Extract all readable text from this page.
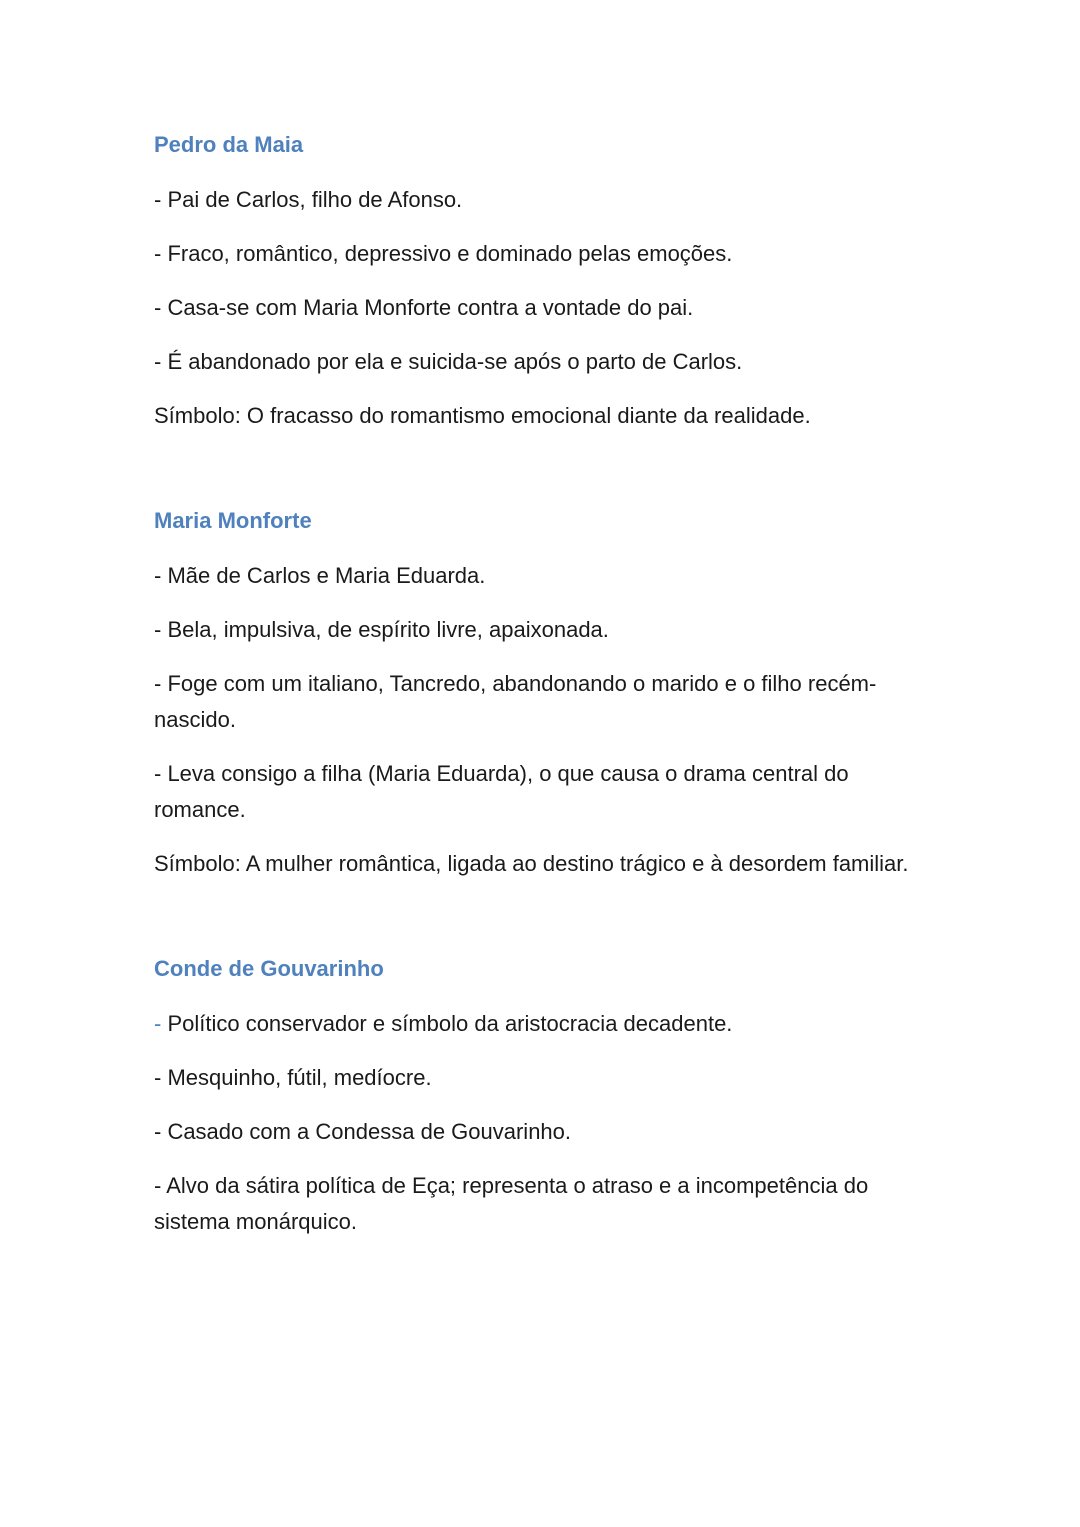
Pedro da Maia
- Pai de Carlos, filho de Afonso.
- Fraco, romântico, depressivo e dominado pelas emoções.
- Casa-se com Maria Monforte contra a vontade do pai.
- É abandonado por ela e suicida-se após o parto de Carlos.
Símbolo: O fracasso do romantismo emocional diante da realidade.
Maria Monforte
- Mãe de Carlos e Maria Eduarda.
- Bela, impulsiva, de espírito livre, apaixonada.
- Foge com um italiano, Tancredo, abandonando o marido e o filho recém-nascido.
- Leva consigo a filha (Maria Eduarda), o que causa o drama central do romance.
Símbolo: A mulher romântica, ligada ao destino trágico e à desordem familiar.
Conde de Gouvarinho
- Político conservador e símbolo da aristocracia decadente.
- Mesquinho, fútil, medíocre.
- Casado com a Condessa de Gouvarinho.
- Alvo da sátira política de Eça; representa o atraso e a incompetência do sistema monárquico.
